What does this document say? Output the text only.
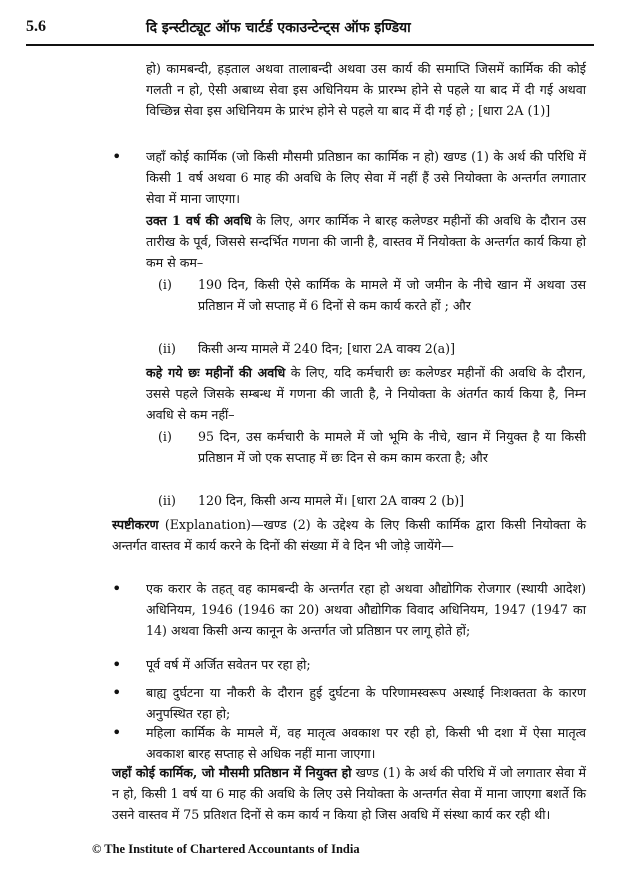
5.6	दि इन्स्टीट्यूट ऑफ चार्टर्ड एकाउन्टेन्ट्स ऑफ इण्डिया
हो) कामबन्दी, हड़ताल अथवा तालाबन्दी अथवा उस कार्य की समाप्ति जिसमें कार्मिक की कोई गलती न हो, ऐसी अबाध्य सेवा इस अधिनियम के प्रारम्भ होने से पहले या बाद में दी गई अथवा विच्छिन्न सेवा इस अधिनियम के प्रारंभ होने से पहले या बाद में दी गई हो ; [धारा 2A (1)]
• जहाँ कोई कार्मिक (जो किसी मौसमी प्रतिष्ठान का कार्मिक न हो) खण्ड (1) के अर्थ की परिधि में किसी 1 वर्ष अथवा 6 माह की अवधि के लिए सेवा में नहीं हैं उसे नियोक्ता के अन्तर्गत लगातार सेवा में माना जाएगा।
उक्त 1 वर्ष की अवधि के लिए, अगर कार्मिक ने बारह कलेण्डर महीनों की अवधि के दौरान उस तारीख के पूर्व, जिससे सन्दर्भित गणना की जानी है, वास्तव में नियोक्ता के अन्तर्गत कार्य किया हो कम से कम–
(i) 190 दिन, किसी ऐसे कार्मिक के मामले में जो जमीन के नीचे खान में अथवा उस प्रतिष्ठान में जो सप्ताह में 6 दिनों से कम कार्य करते हों ; और
(ii) किसी अन्य मामले में 240 दिन; [धारा 2A वाक्य 2(a)]
कहे गये छः महीनों की अवधि के लिए, यदि कर्मचारी छः कलेण्डर महीनों की अवधि के दौरान, उससे पहले जिसके सम्बन्ध में गणना की जाती है, ने नियोक्ता के अंतर्गत कार्य किया है, निम्न अवधि से कम नहीं–
(i) 95 दिन, उस कर्मचारी के मामले में जो भूमि के नीचे, खान में नियुक्त है या किसी प्रतिष्ठान में जो एक सप्ताह में छः दिन से कम काम करता है; और
(ii) 120 दिन, किसी अन्य मामले में। [धारा 2A वाक्य 2 (b)]
स्पष्टीकरण (Explanation)—खण्ड (2) के उद्देश्य के लिए किसी कार्मिक द्वारा किसी नियोक्ता के अन्तर्गत वास्तव में कार्य करने के दिनों की संख्या में वे दिन भी जोड़े जायेंगे—
• एक करार के तहत् वह कामबन्दी के अन्तर्गत रहा हो अथवा औद्योगिक रोजगार (स्थायी आदेश) अधिनियम, 1946 (1946 का 20) अथवा औद्योगिक विवाद अधिनियम, 1947 (1947 का 14) अथवा किसी अन्य कानून के अन्तर्गत जो प्रतिष्ठान पर लागू होते हों;
• पूर्व वर्ष में अर्जित सवेतन पर रहा हो;
• बाह्य दुर्घटना या नौकरी के दौरान हुई दुर्घटना के परिणामस्वरूप अस्थाई निःशक्तता के कारण अनुपस्थित रहा हो;
• महिला कार्मिक के मामले में, वह मातृत्व अवकाश पर रही हो, किसी भी दशा में ऐसा मातृत्व अवकाश बारह सप्ताह से अधिक नहीं माना जाएगा।
जहाँ कोई कार्मिक, जो मौसमी प्रतिष्ठान में नियुक्त हो खण्ड (1) के अर्थ की परिधि में जो लगातार सेवा में न हो, किसी 1 वर्ष या 6 माह की अवधि के लिए उसे नियोक्ता के अन्तर्गत सेवा में माना जाएगा बशर्ते कि उसने वास्तव में 75 प्रतिशत दिनों से कम कार्य न किया हो जिस अवधि में संस्था कार्य कर रही थी।
© The Institute of Chartered Accountants of India
